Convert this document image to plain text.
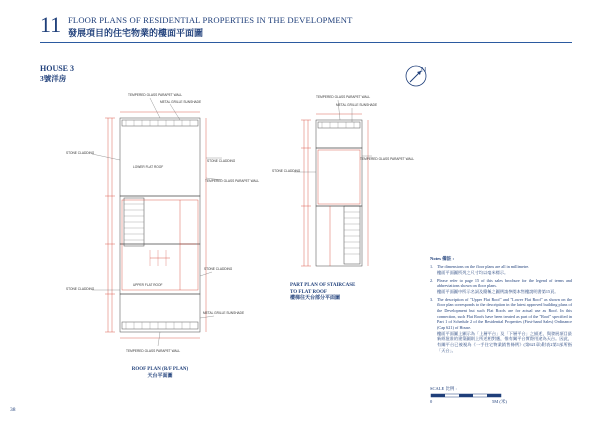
11 FLOOR PLANS OF RESIDENTIAL PROPERTIES IN THE DEVELOPMENT
發展項目的住宅物業的樓面平面圖
HOUSE 3
3號洋房
N
TEMPERED GLASS PARAPET WALL
METAL GRILLE SUNSHADE
STONE CLADDING
LOWER FLAT ROOF
STONE CLADDING
TEMPERED GLASS PARAPET WALL
UPPER FLAT ROOF
STONE CLADDING
STONE CLADDING
METAL GRILLE SUNSHADE
TEMPERED GLASS PARAPET WALL
TEMPERED GLASS PARAPET WALL
METAL GRILLE SUNSHADE
STONE CLADDING
TEMPERED GLASS PARAPET WALL
ROOF PLAN (R/F PLAN)
天台平面圖
PART PLAN OF STAIRCASE
TO FLAT ROOF
樓梯往天台部分平面圖
Notes 備註 :
1. The dimensions on the floor plans are all in millimetre.
樓面平面圖所列之尺寸均以毫米標示。
2. Please refer to page 15 of this sales brochure for the legend of terms and abbreviations shown on floor plans.
樓面平面圖中所示名詞及簡稱之圖例請參閱本售樓說明書第15頁。
3. The description of "Upper Flat Roof" and "Lower Flat Roof" as shown on the floor plan corresponds to the description in the latest approved building plans of the Development but such Flat Roofs are for actual use as Roof. In this connection, such Flat Roofs have been treated as part of the "Roof" specified in Part 1 of Schedule 2 of the Residential Properties (First-hand Sales) Ordinance (Cap 621) of House.
樓面平面圖上顯示為「上層平台」及「下層平台」之描述，與發展項目最新經批准的建築圖則上所述相對應，惟有關平台實際用途為天台。因此，有關平台已被視為《一手住宅物業銷售條例》(第621章)附表2第1部所指「天台」。
SCALE 比例 :
0	5M (米)
38
